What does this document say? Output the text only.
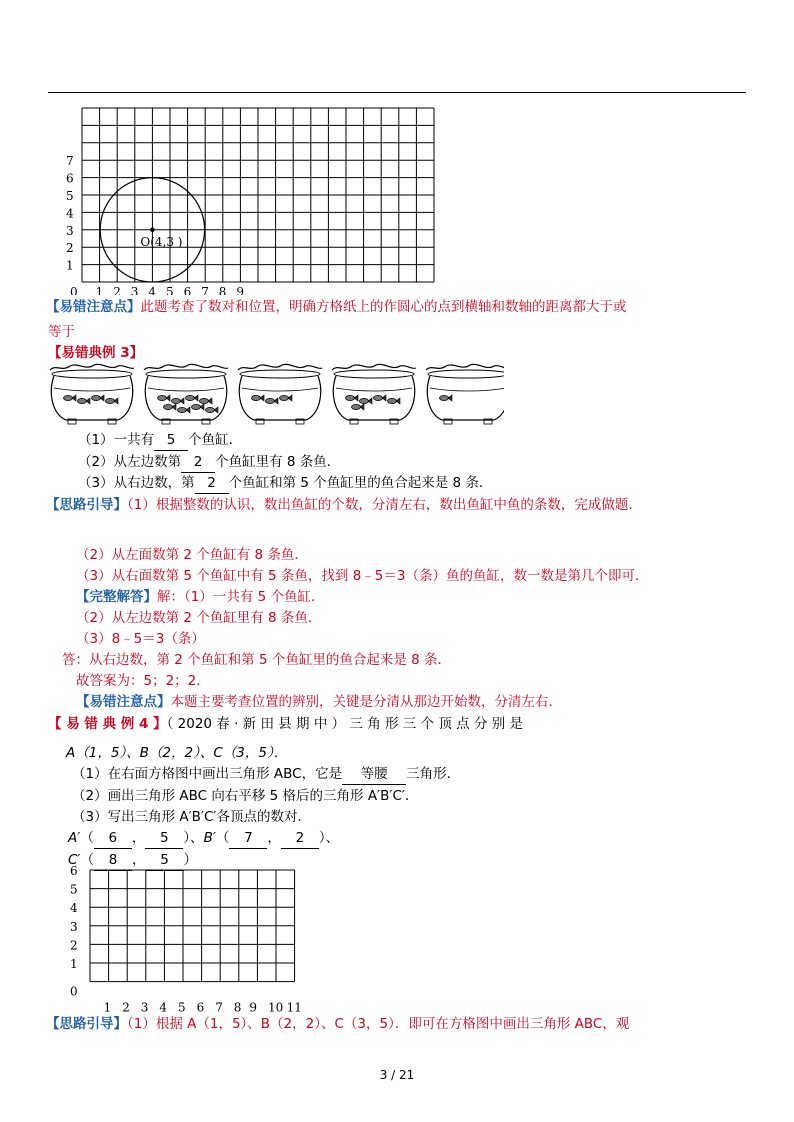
O(4,3 )
1
2
3
4
5
6
7
0 1 2 3 4 5 6 7 8 9
【易错注意点】此题考查了数对和位置，明确方格纸上的作圆心的点到横轴和数轴的距离都大于或
等于
【易错典例 3】
（1）一共有 5 个鱼缸．
（2）从左边数第 2 个鱼缸里有 8 条鱼．
（3）从右边数，第 2 个鱼缸和第 5 个鱼缸里的鱼合起来是 8 条．
【思路引导】（1）根据整数的认识，数出鱼缸的个数，分清左右，数出鱼缸中鱼的条数，完成做题．
（2）从左面数第 2 个鱼缸有 8 条鱼．
（3）从右面数第 5 个鱼缸中有 5 条鱼，找到 8﹣5＝3（条）鱼的鱼缸，数一数是第几个即可．
【完整解答】解：（1）一共有 5 个鱼缸．
（2）从左边数第 2 个鱼缸里有 8 条鱼．
（3）8﹣5＝3（条）
答：从右边数，第 2 个鱼缸和第 5 个鱼缸里的鱼合起来是 8 条．
故答案为：5；2；2．
【易错注意点】本题主要考查位置的辨别，关键是分清从那边开始数，分清左右．
【 易 错 典 例 4 】（ 2020 春 · 新 田 县 期 中 ） 三 角 形 三 个 顶 点 分 别 是
A（1，5）、B（2，2）、C（3，5）．
（1）在右面方格图中画出三角形 ABC，它是 等腰 三角形．
（2）画出三角形 ABC 向右平移 5 格后的三角形 A′B′C′．
（3）写出三角形 A′B′C′各顶点的数对．
A′（ 6 ， 5 ）、B′（ 7 ， 2 ）、
C′（ 8 ， 5 ）
0
1
2
3
4
5
6
1 2 3 4 5 6 7 8 9 10 11
【思路引导】（1）根据 A（1，5）、B（2，2）、C（3，5）．即可在方格图中画出三角形 ABC，观
3 / 21
